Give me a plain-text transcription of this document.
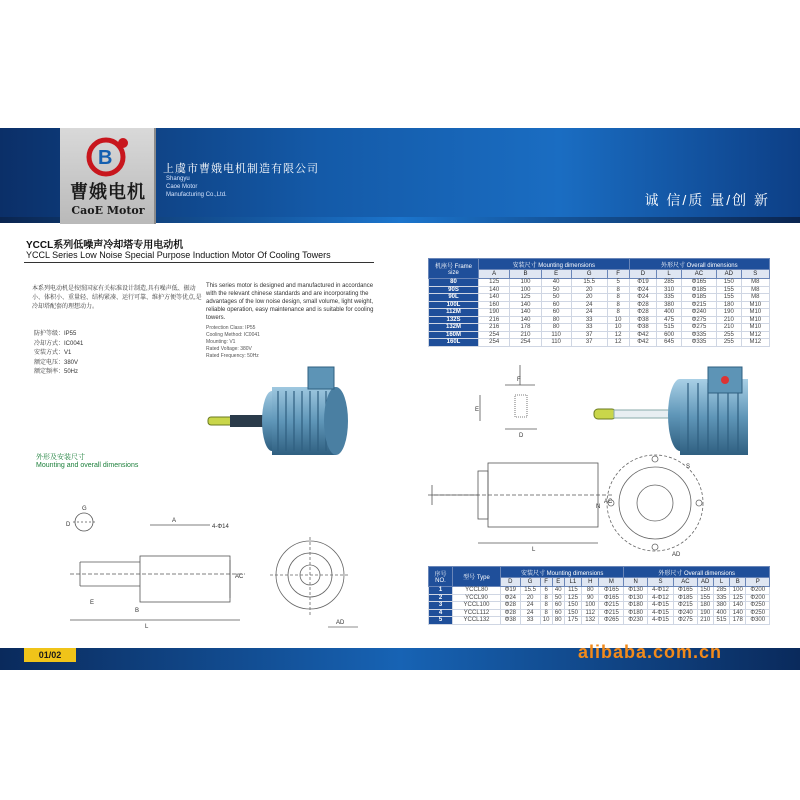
B
曹娥电机
CaoE Motor
上虞市曹娥电机制造有限公司
Shangyu
Caoe Motor
Manufacturing Co.,Ltd.	诚 信/质 量/创 新
YCCL系列低噪声冷却塔专用电动机
YCCL Series Low Noise Special Purpose Induction Motor Of Cooling Towers
本系列电动机是按照国家有关标准设计制造,具有噪声低、振动小、体积小、重量轻、结构紧凑、运行可靠、维护方便等优点,是冷却塔配套的理想动力。
This series motor is designed and manufactured in accordance with the relevant chinese standards and are incorporating the advantages of the low noise design, small volume, light weight, reliable operation, easy maintenance and is suitable for cooling towers.
防护等级：IP55
冷却方式：IC0041
安装方式：V1
额定电压：380V
额定频率：50Hz
Protection Class: IP55
Cooling Method: IC0041
Mounting: V1
Rated Voltage: 380V
Rated Frequency: 50Hz
外形及安装尺寸
Mounting and overall dimensions
D
G
4-Φ14
AC
L
B
E
A
AD
E
D
F
L
AC
N
S
AD
机座号 Frame size	安装尺寸 Mounting dimensions					外形尺寸 Overall dimensions				
	A	B	E	G	F	D	L	AC	AD	S
80	125	100	40	15.5	5	Φ19	285	Φ165	150	M8
90S	140	100	50	20	8	Φ24	310	Φ185	155	M8
90L	140	125	50	20	8	Φ24	335	Φ185	155	M8
100L	160	140	60	24	8	Φ28	380	Φ215	180	M10
112M	190	140	60	24	8	Φ28	400	Φ240	190	M10
132S	216	140	80	33	10	Φ38	475	Φ275	210	M10
132M	216	178	80	33	10	Φ38	515	Φ275	210	M10
160M	254	210	110	37	12	Φ42	600	Φ335	255	M12
160L	254	254	110	37	12	Φ42	645	Φ335	255	M12
序号 NO.	型号 Type	安装尺寸 Mounting dimensions							外形尺寸 Overall dimensions						
		D	G	F	E	L1	H	M	N	S	AC	AD	L	B	P
1	YCCL80	Φ19	15.5	6	40	115	80	Φ165	Φ130	4-Φ12	Φ165	150	285	100	Φ200
2	YCCL90	Φ24	20	8	50	125	90	Φ165	Φ130	4-Φ12	Φ185	155	335	125	Φ200
3	YCCL100	Φ28	24	8	60	150	100	Φ215	Φ180	4-Φ15	Φ215	180	380	140	Φ250
4	YCCL112	Φ28	24	8	60	150	112	Φ215	Φ180	4-Φ15	Φ240	190	400	140	Φ250
5	YCCL132	Φ38	33	10	80	175	132	Φ265	Φ230	4-Φ15	Φ275	210	515	178	Φ300
01/02	alibaba.com.cn
